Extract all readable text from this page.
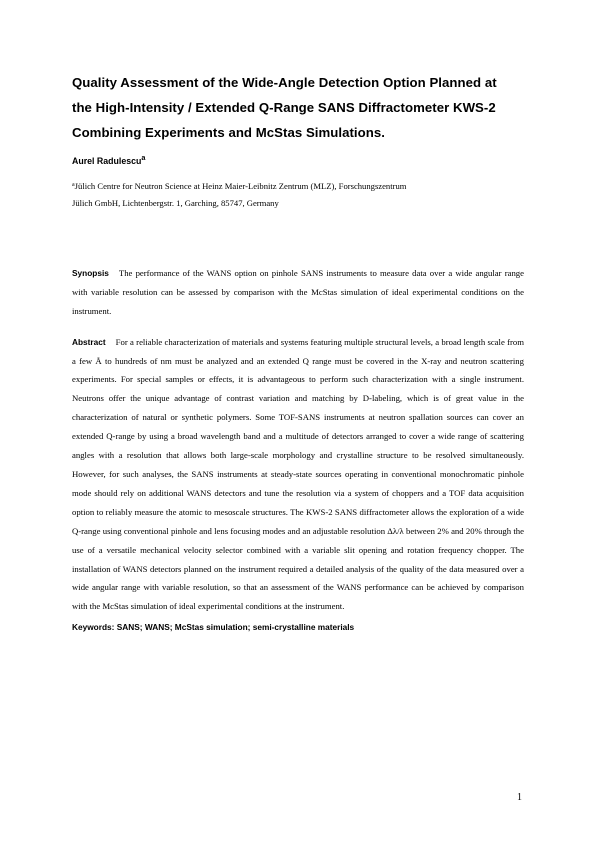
Quality Assessment of the Wide-Angle Detection Option Planned at
the High-Intensity / Extended Q-Range SANS Diffractometer KWS-2
Combining Experiments and McStas Simulations.
Aurel Radulescu$^a$
$^a$Jülich Centre for Neutron Science at Heinz Maier-Leibnitz Zentrum (MLZ), Forschungszentrum
Jülich GmbH, Lichtenbergstr. 1, Garching, 85747, Germany

Synopsis The performance of the WANS option on pinhole SANS instruments to measure data over a wide angular range with variable resolution can be assessed by comparison with the McStas simulation of ideal experimental conditions on the instrument.

Abstract For a reliable characterization of materials and systems featuring multiple structural levels, a broad length scale from a few Å to hundreds of nm must be analyzed and an extended Q range must be covered in the X-ray and neutron scattering experiments. For special samples or effects, it is advantageous to perform such characterization with a single instrument. Neutrons offer the unique advantage of contrast variation and matching by D-labeling, which is of great value in the characterization of natural or synthetic polymers. Some TOF-SANS instruments at neutron spallation sources can cover an extended Q-range by using a broad wavelength band and a multitude of detectors arranged to cover a wide range of scattering angles with a resolution that allows both large-scale morphology and crystalline structure to be resolved simultaneously. However, for such analyses, the SANS instruments at steady-state sources operating in conventional monochromatic pinhole mode should rely on additional WANS detectors and tune the resolution via a system of choppers and a TOF data acquisition option to reliably measure the atomic to mesoscale structures. The KWS-2 SANS diffractometer allows the exploration of a wide Q-range using conventional pinhole and lens focusing modes and an adjustable resolution Δλ/λ between 2% and 20% through the use of a versatile mechanical velocity selector combined with a variable slit opening and rotation frequency chopper. The installation of WANS detectors planned on the instrument required a detailed analysis of the quality of the data measured over a wide angular range with variable resolution, so that an assessment of the WANS performance can be achieved by comparison with the McStas simulation of ideal experimental conditions at the instrument.

Keywords: SANS; WANS; McStas simulation; semi-crystalline materials
1
